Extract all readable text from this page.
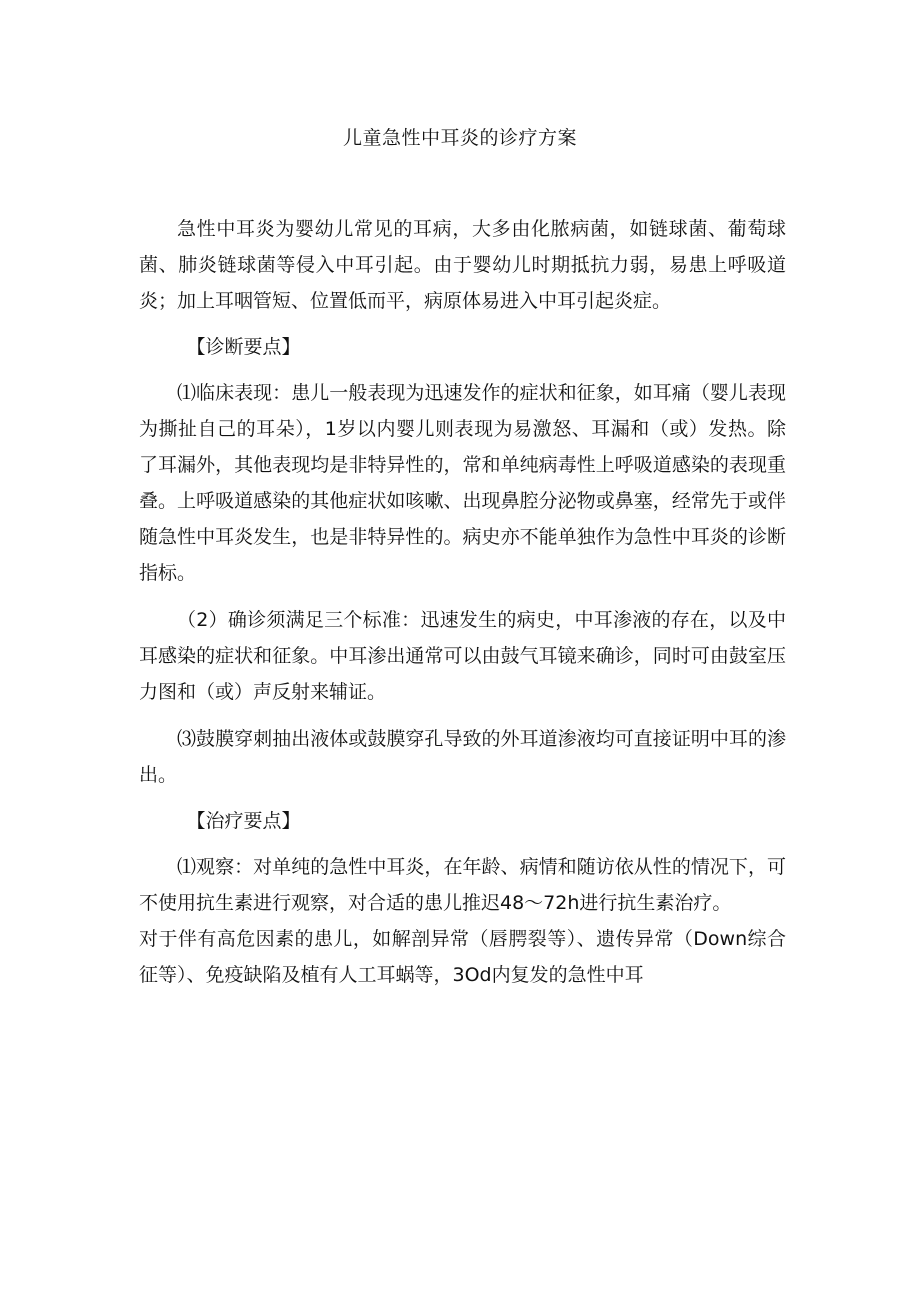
儿童急性中耳炎的诊疗方案

急性中耳炎为婴幼儿常见的耳病，大多由化脓病菌，如链球菌、葡萄球菌、肺炎链球菌等侵入中耳引起。由于婴幼儿时期抵抗力弱，易患上呼吸道炎；加上耳咽管短、位置低而平，病原体易进入中耳引起炎症。

【诊断要点】

⑴临床表现：患儿一般表现为迅速发作的症状和征象，如耳痛（婴儿表现为撕扯自己的耳朵），1岁以内婴儿则表现为易激怒、耳漏和（或）发热。除了耳漏外，其他表现均是非特异性的，常和单纯病毒性上呼吸道感染的表现重叠。上呼吸道感染的其他症状如咳嗽、出现鼻腔分泌物或鼻塞，经常先于或伴随急性中耳炎发生，也是非特异性的。病史亦不能单独作为急性中耳炎的诊断指标。

（2）确诊须满足三个标准：迅速发生的病史，中耳渗液的存在，以及中耳感染的症状和征象。中耳渗出通常可以由鼓气耳镜来确诊，同时可由鼓室压力图和（或）声反射来辅证。

⑶鼓膜穿刺抽出液体或鼓膜穿孔导致的外耳道渗液均可直接证明中耳的渗出。

【治疗要点】

⑴观察：对单纯的急性中耳炎，在年龄、病情和随访依从性的情况下，可不使用抗生素进行观察，对合适的患儿推迟48～72h进行抗生素治疗。

对于伴有高危因素的患儿，如解剖异常（唇腭裂等）、遗传异常（Down综合征等）、免疫缺陷及植有人工耳蜗等，3Od内复发的急性中耳
